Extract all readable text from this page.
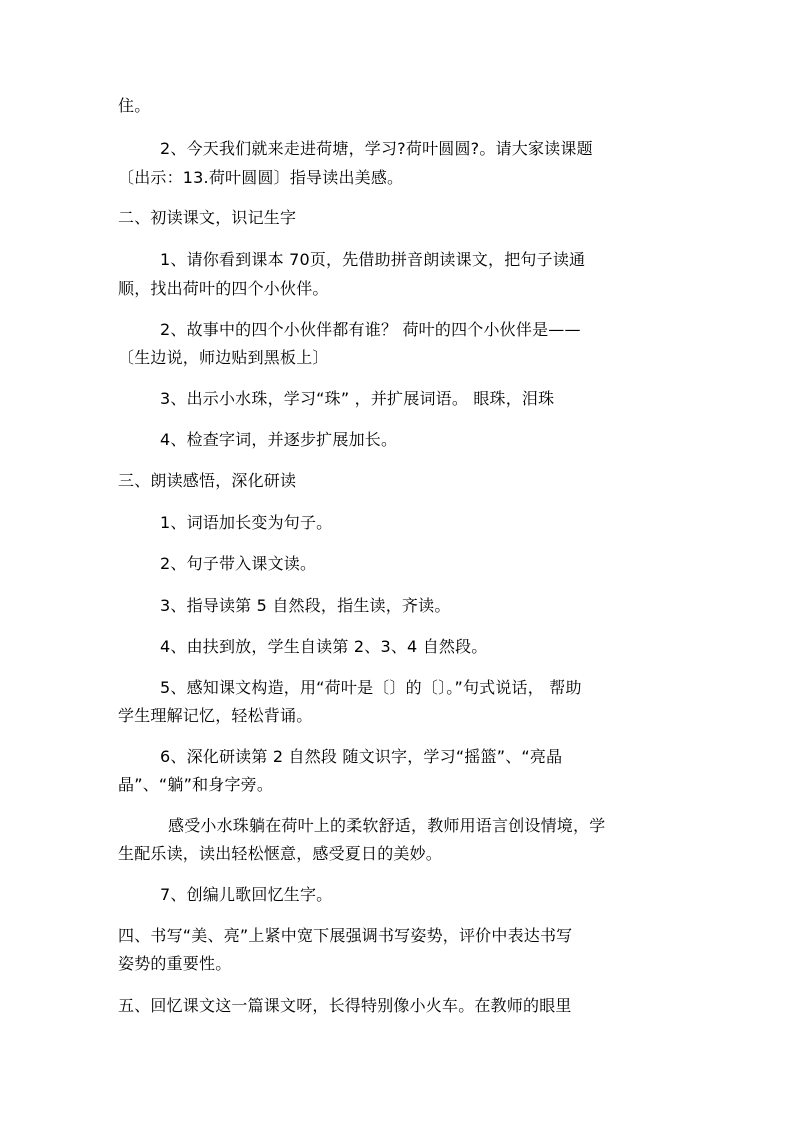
住。
2、今天我们就来走进荷塘，学习?荷叶圆圆?。请大家读课题
〔出示：13.荷叶圆圆〕指导读出美感。
二、初读课文，识记生字
1、请你看到课本 70页，先借助拼音朗读课文，把句子读通
顺，找出荷叶的四个小伙伴。
2、故事中的四个小伙伴都有谁？ 荷叶的四个小伙伴是——
〔生边说，师边贴到黑板上〕
3、出示小水珠，学习“珠” ，并扩展词语。 眼珠，泪珠
4、检查字词，并逐步扩展加长。
三、朗读感悟，深化研读
1、词语加长变为句子。
2、句子带入课文读。
3、指导读第 5 自然段，指生读，齐读。
4、由扶到放，学生自读第 2、3、4 自然段。
5、感知课文构造，用“荷叶是〔〕的〔〕。”句式说话， 帮助
学生理解记忆，轻松背诵。
6、深化研读第 2 自然段 随文识字，学习“摇篮”、“亮晶
晶”、“躺”和身字旁。
感受小水珠躺在荷叶上的柔软舒适，教师用语言创设情境，学
生配乐读，读出轻松惬意，感受夏日的美妙。
7、创编儿歌回忆生字。
四、书写“美、亮”上紧中宽下展强调书写姿势，评价中表达书写
姿势的重要性。
五、回忆课文这一篇课文呀，长得特别像小火车。在教师的眼里
